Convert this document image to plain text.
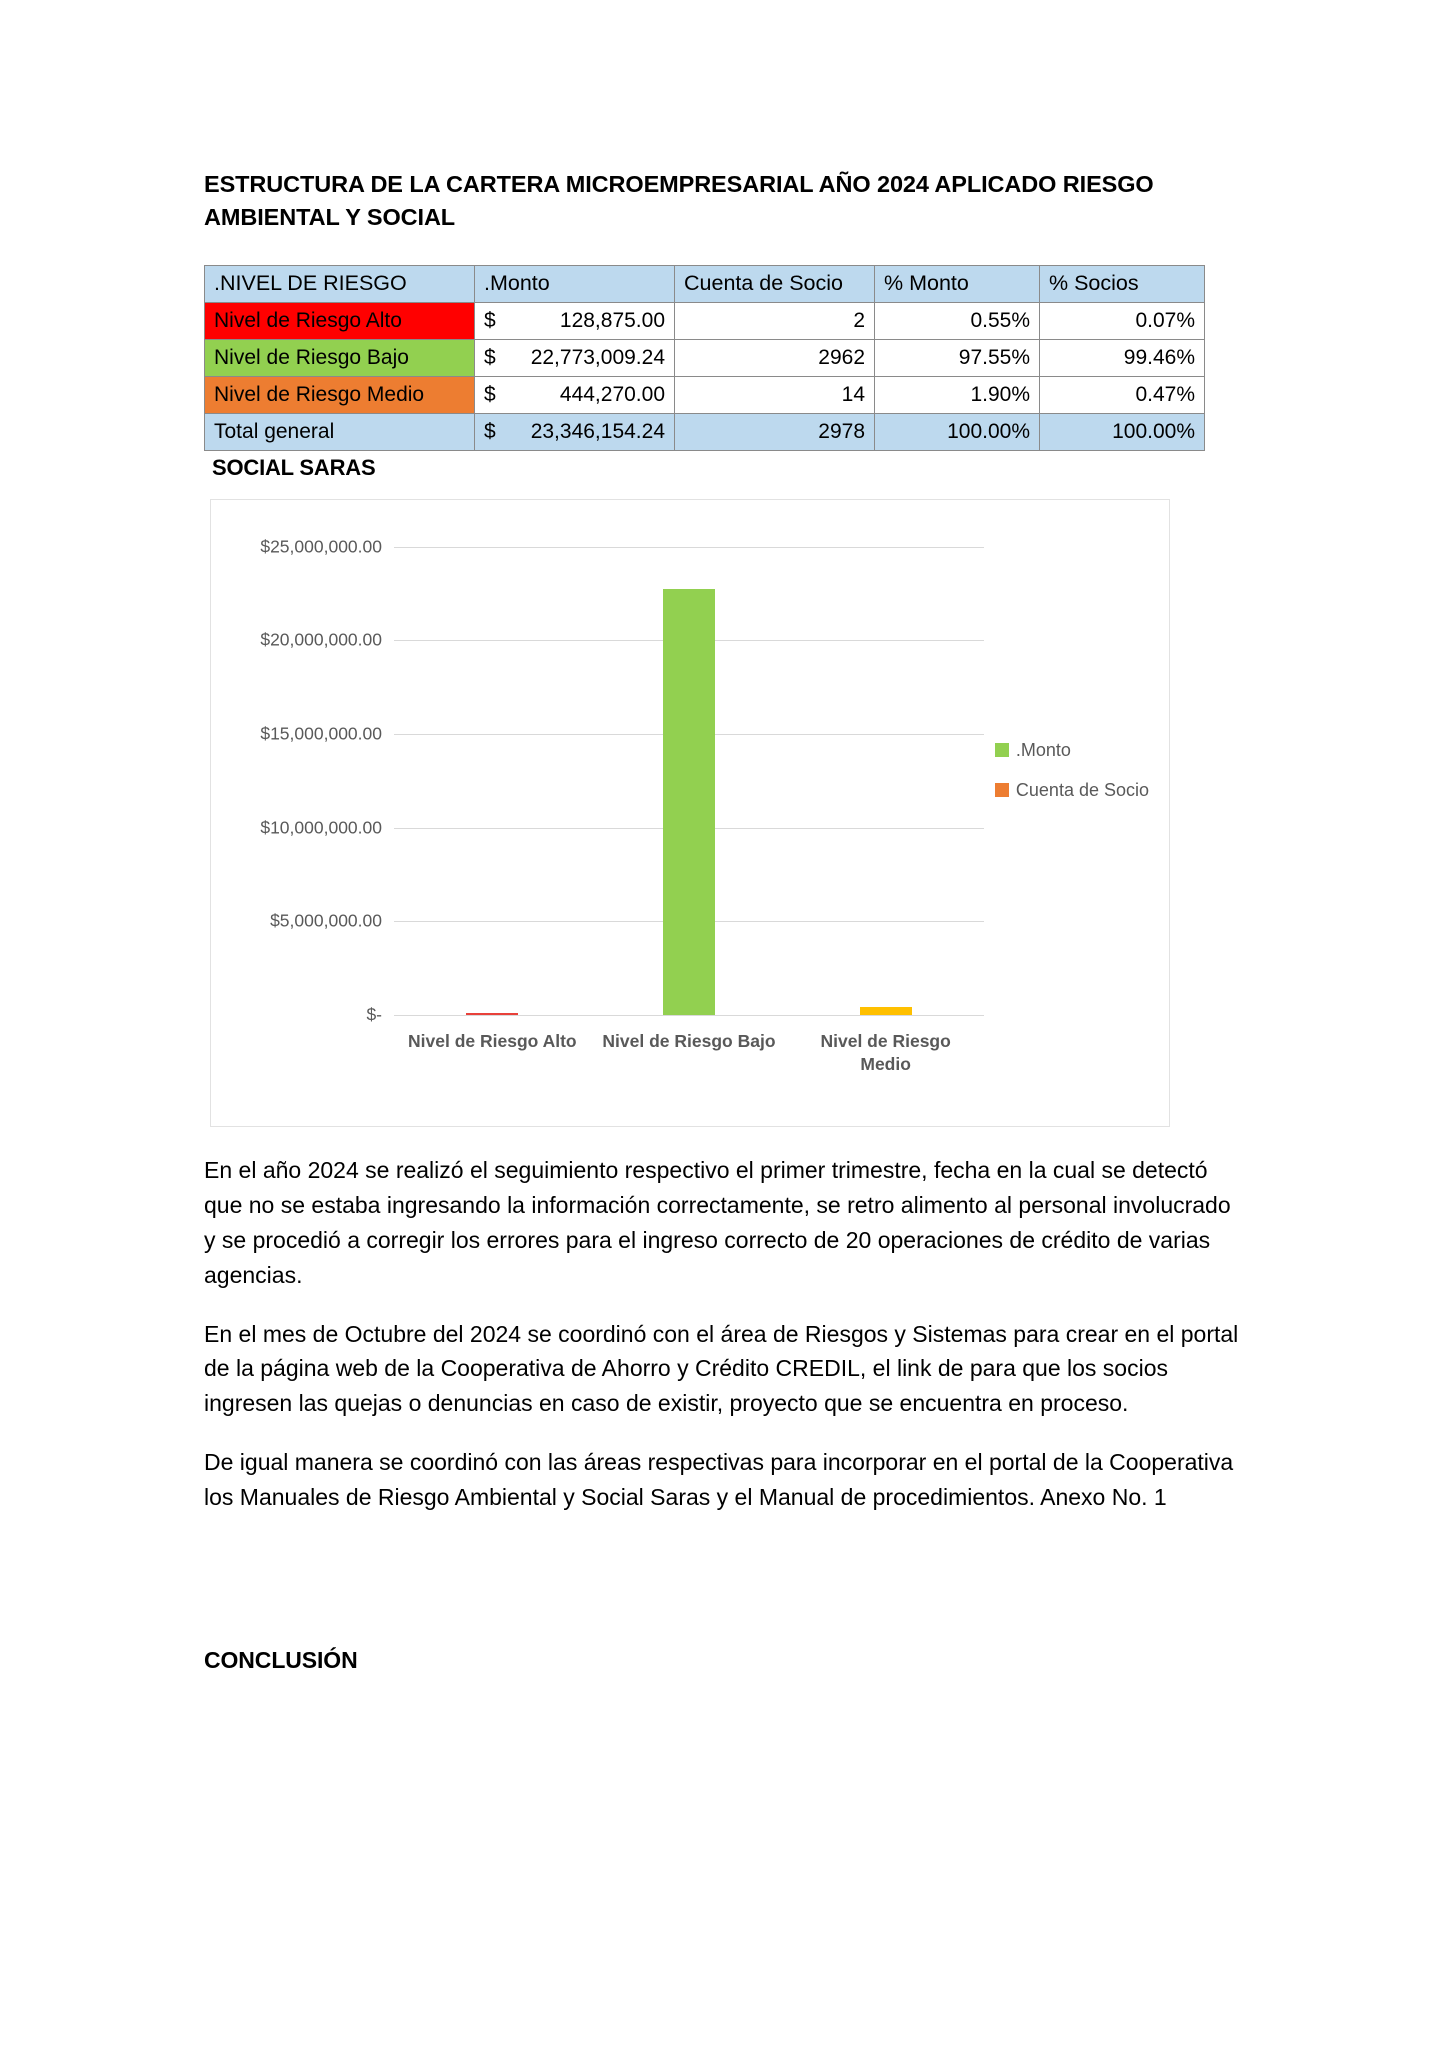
ESTRUCTURA DE LA CARTERA MICROEMPRESARIAL AÑO 2024 APLICADO RIESGO AMBIENTAL Y SOCIAL
.NIVEL DE RIESGO	.Monto	Cuenta de Socio	% Monto	% Socios
Nivel de Riesgo Alto	$ 128,875.00	2	0.55%	0.07%
Nivel de Riesgo Bajo	$ 22,773,009.24	2962	97.55%	99.46%
Nivel de Riesgo Medio	$ 444,270.00	14	1.90%	0.47%
Total general	$ 23,346,154.24	2978	100.00%	100.00%
SOCIAL SARAS
$25,000,000.00
$20,000,000.00
$15,000,000.00
$10,000,000.00
$5,000,000.00
$-
Nivel de Riesgo Alto Nivel de Riesgo Bajo	Nivel de Riesgo Medio
.Monto
Cuenta de Socio

En el año 2024 se realizó el seguimiento respectivo el primer trimestre, fecha en la cual se detectó que no se estaba ingresando la información correctamente, se retro alimento al personal involucrado y se procedió a corregir los errores para el ingreso correcto de 20 operaciones de crédito de varias agencias.

En el mes de Octubre del 2024 se coordinó con el área de Riesgos y Sistemas para crear en el portal de la página web de la Cooperativa de Ahorro y Crédito CREDIL, el link de para que los socios ingresen las quejas o denuncias en caso de existir, proyecto que se encuentra en proceso.

De igual manera se coordinó con las áreas respectivas para incorporar en el portal de la Cooperativa los Manuales de Riesgo Ambiental y Social Saras y el Manual de procedimientos. Anexo No. 1

CONCLUSIÓN
